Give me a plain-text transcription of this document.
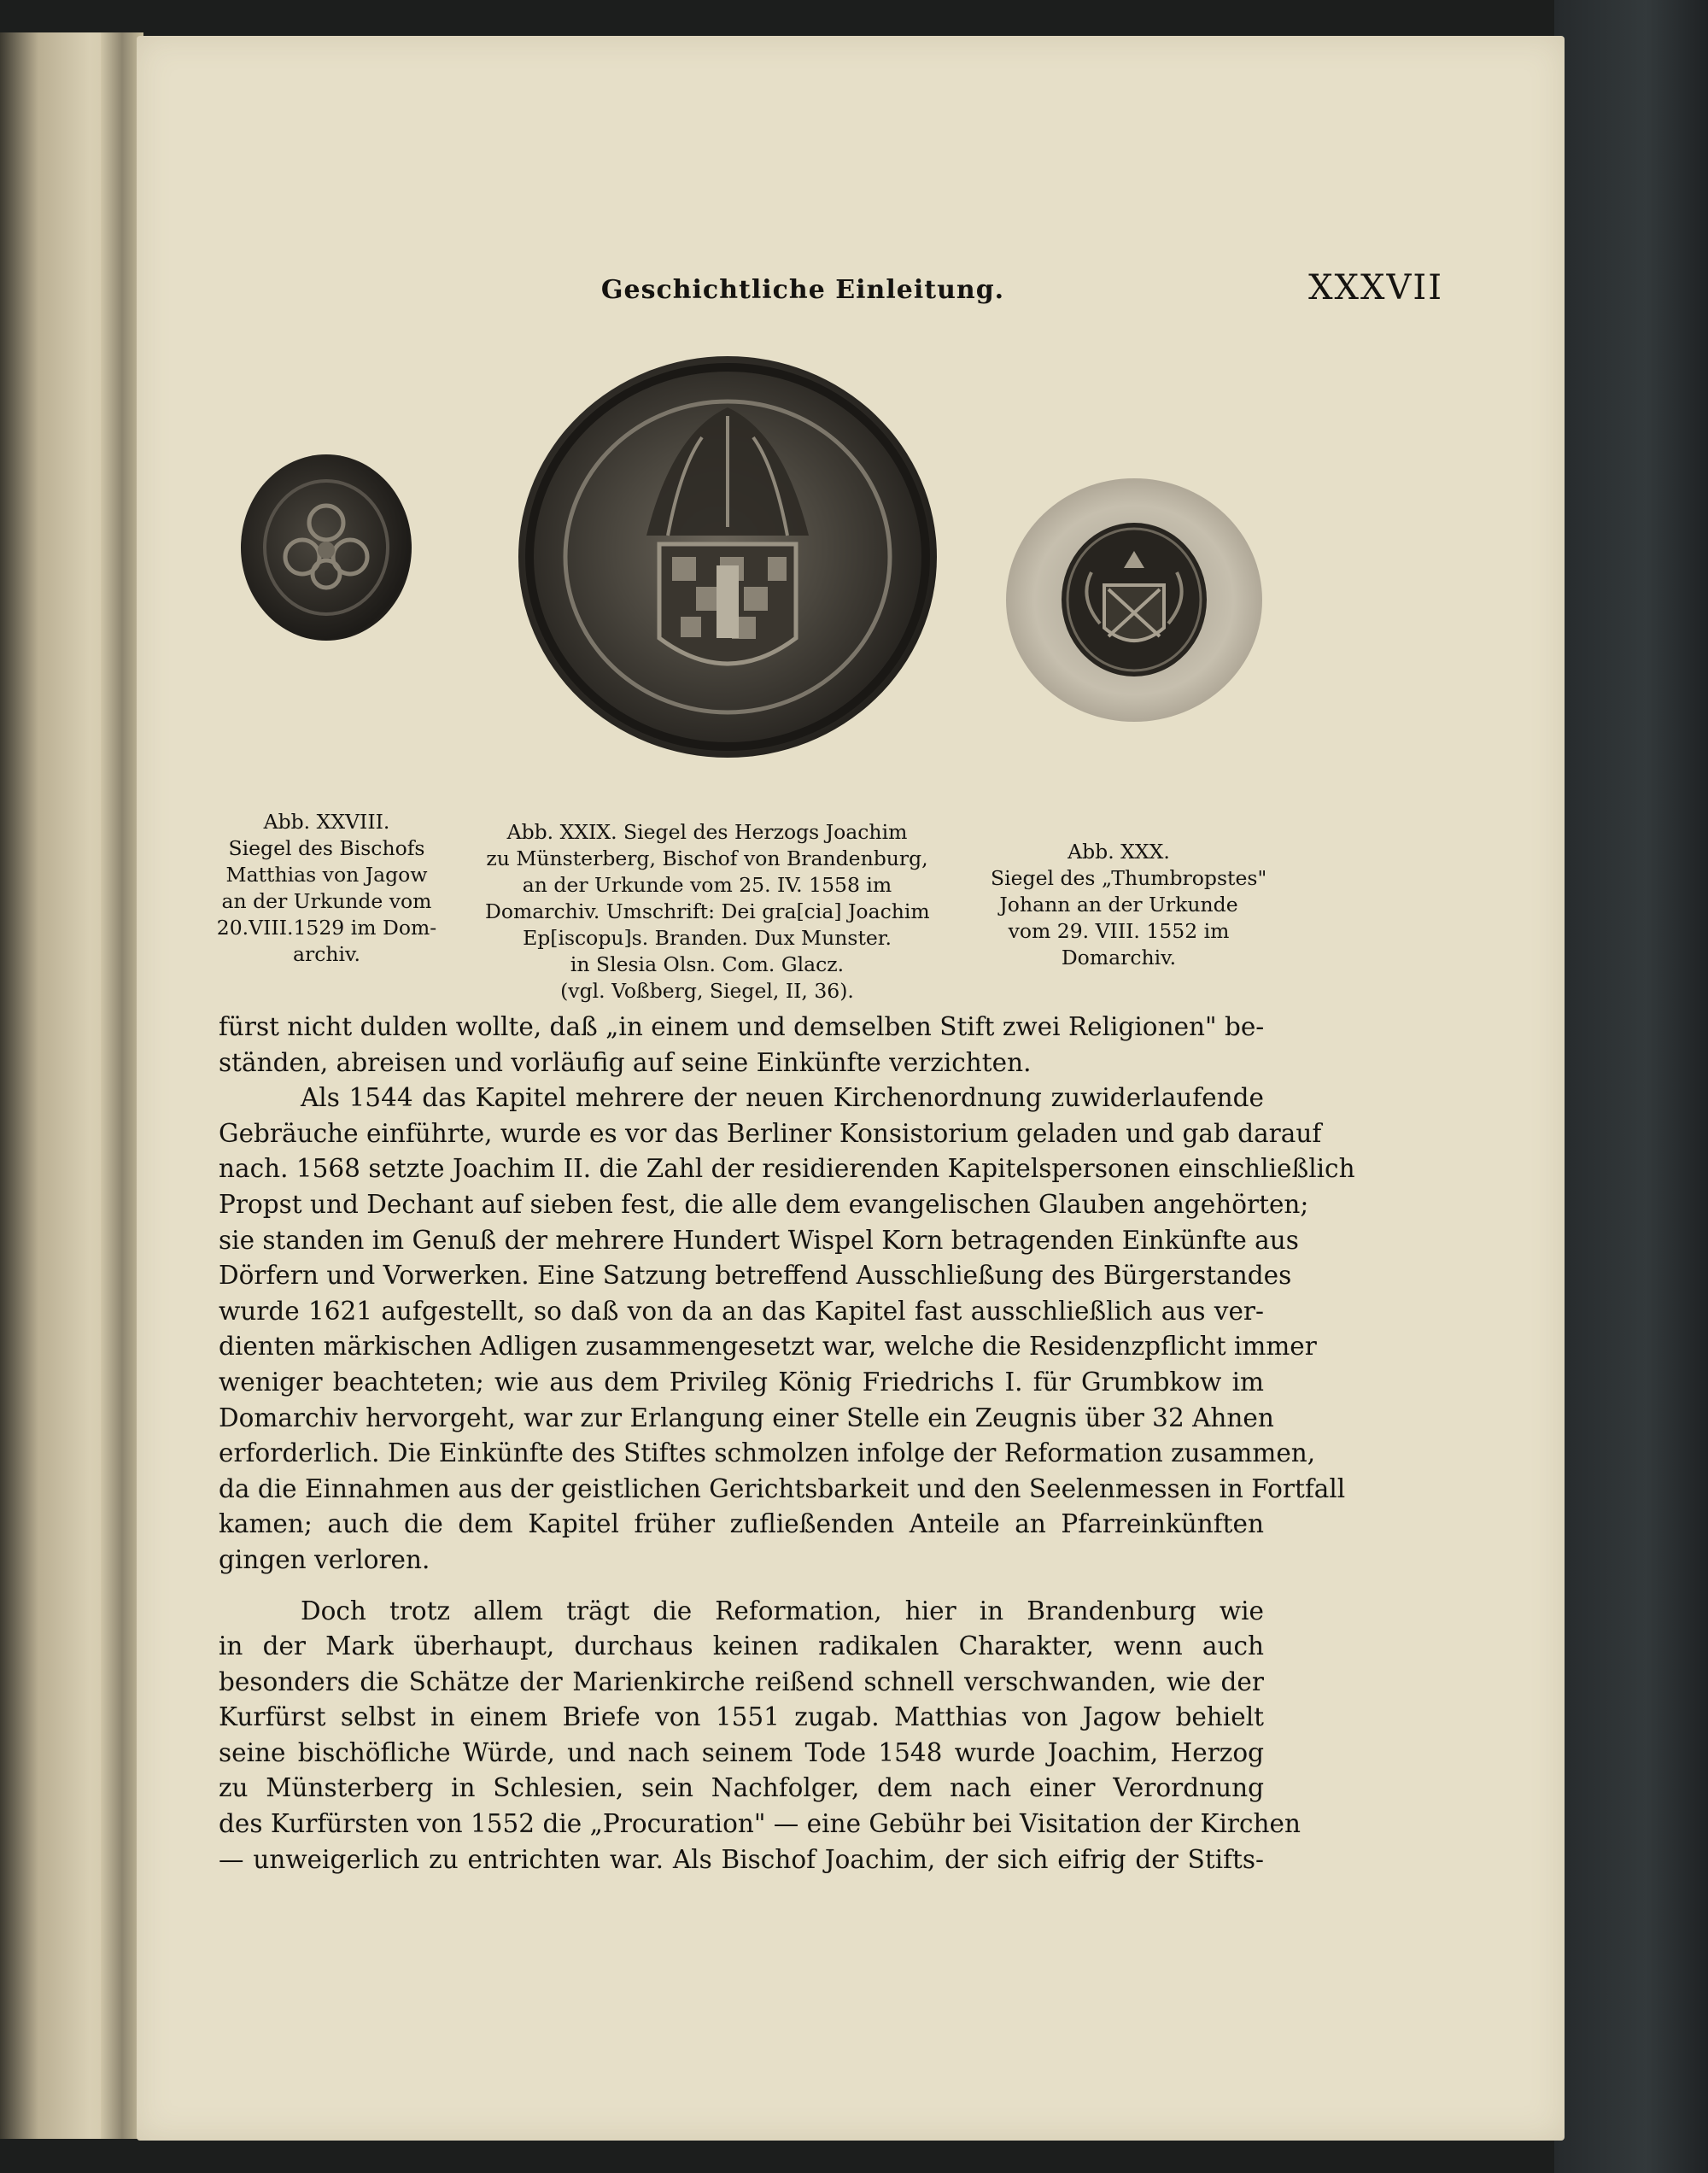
Geschichtliche Einleitung.	XXXVII
Abb. XXVIII.
Siegel des Bischofs
Matthias von Jagow
an der Urkunde vom
20.VIII.1529 im Dom-
archiv.
Abb. XXIX. Siegel des Herzogs Joachim
zu Münsterberg, Bischof von Brandenburg,
an der Urkunde vom 25. IV. 1558 im
Domarchiv. Umschrift: Dei gra[cia] Joachim
Ep[iscopu]s. Branden. Dux Munster.
in Slesia Olsn. Com. Glacz.
(vgl. Voßberg, Siegel, II, 36).
Abb. XXX.
Siegel des „Thumbropstes"
Johann an der Urkunde
vom 29. VIII. 1552 im
Domarchiv.
fürst nicht dulden wollte, daß „in einem und demselben Stift zwei Religionen" be-
ständen, abreisen und vorläufig auf seine Einkünfte verzichten.
Als 1544 das Kapitel mehrere der neuen Kirchenordnung zuwiderlaufende
Gebräuche einführte, wurde es vor das Berliner Konsistorium geladen und gab darauf
nach. 1568 setzte Joachim II. die Zahl der residierenden Kapitelspersonen einschließlich
Propst und Dechant auf sieben fest, die alle dem evangelischen Glauben angehörten;
sie standen im Genuß der mehrere Hundert Wispel Korn betragenden Einkünfte aus
Dörfern und Vorwerken. Eine Satzung betreffend Ausschließung des Bürgerstandes
wurde 1621 aufgestellt, so daß von da an das Kapitel fast ausschließlich aus ver-
dienten märkischen Adligen zusammengesetzt war, welche die Residenzpflicht immer
weniger beachteten; wie aus dem Privileg König Friedrichs I. für Grumbkow im
Domarchiv hervorgeht, war zur Erlangung einer Stelle ein Zeugnis über 32 Ahnen
erforderlich. Die Einkünfte des Stiftes schmolzen infolge der Reformation zusammen,
da die Einnahmen aus der geistlichen Gerichtsbarkeit und den Seelenmessen in Fortfall
kamen; auch die dem Kapitel früher zufließenden Anteile an Pfarreinkünften
gingen verloren.
Doch trotz allem trägt die Reformation, hier in Brandenburg wie
in der Mark überhaupt, durchaus keinen radikalen Charakter, wenn auch
besonders die Schätze der Marienkirche reißend schnell verschwanden, wie der
Kurfürst selbst in einem Briefe von 1551 zugab. Matthias von Jagow behielt
seine bischöfliche Würde, und nach seinem Tode 1548 wurde Joachim, Herzog
zu Münsterberg in Schlesien, sein Nachfolger, dem nach einer Verordnung
des Kurfürsten von 1552 die „Procuration" — eine Gebühr bei Visitation der Kirchen
— unweigerlich zu entrichten war. Als Bischof Joachim, der sich eifrig der Stifts-
